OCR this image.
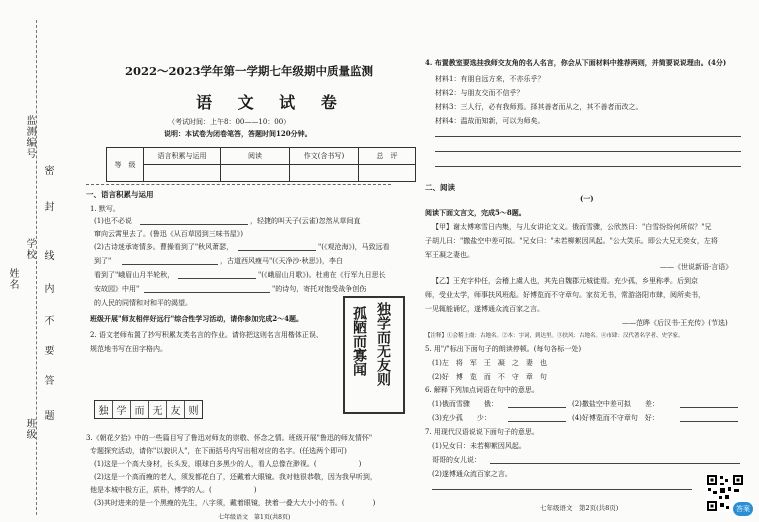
监测编号
学校
班级
姓名
密
封
线
内
不
要
答
题
2022～2023学年第一学期七年级期中质量监测
语 文 试 卷
（考试时间：上午8：00——10：00）
说明：本试卷为闭卷笔答，答题时间120分钟。
等　级	语言积累与运用	阅读	作文(含书写)	总　评

一、语言积累与运用
1. 默写。
(1)也不必说	，轻捷的叫天子(云雀)忽然从草间直
窜向云霄里去了。(鲁迅《从百草园到三味书屋》)
(2)古诗迷承寄情多。曹操看到了"秋风萧瑟，	"(《观沧海》)，马致远看
到了"	，古道西风瘦马"(《天净沙·秋思》)，李白
看到了"峨眉山月半轮秋，	"(《峨眉山月歌》)。杜甫在《行军九日思长
安故园》中用"	"的诗句，寄托对饱受战争创伤
的人民的同情和对和平的渴望。
班级开展"师友相伴好远行"综合性学习活动，请你参加完成2～4题。
2. 语文老师布置了抄写积累友类名言的作业。请你把这则名言用楷体正误、
规范地书写在田字格内。
独学而无友则
孤陋而寡闻
独 学 而 无 友 则
3.《朝花夕拾》中的一些篇目写了鲁迅对师友的崇敬、怀念之情。班级开展"鲁迅的师友情怀"
专题探究活动，请你"以貌识人"，在下面括号内写出相对应的名字。(任选两个即可)
(1)这是一个高大身材，长头发，眼球白多黑少的人，看人总像在渺视。(　　　　　　)
(2)这是一个高而瘦的老人，须发都花白了，还戴着大眼镜。我对他很恭敬，因为我早听到，
他是本城中极方正，质朴，博学的人。(　　　　　　)
(3)其时进来的是一个黑瘦的先生，八字须，戴着眼镜，挟着一叠大大小小的书。(　　　　)
七年级语文　第1页(共8页)
4. 布置教室要选挂我师交友角的名人名言，你会从下面材料中推荐两则，并简要说说理由。(4分)
材料1：有朋自远方来，不亦乐乎？
材料2：与朋友交而不信乎？
材料3：三人行，必有我师焉。择其善者而从之，其不善者而改之。
材料4：温故而知新，可以为师矣。
二、阅读
(一)
阅读下面文言文，完成5～8题。
【甲】谢太傅寒雪日内集，与儿女讲论文义。俄而雪骤，公欣然曰："白雪纷纷何所似？"兄
子胡儿曰："撒盐空中差可拟。"兄女曰："未若柳絮因风起。"公大笑乐。即公大兄无奕女，左将
军王凝之妻也。
——《世说新语·言语》
【乙】王充字仲任，会稽上虞人也，其先自魏郡元城徙焉。充少孤，乡里称孝。后到京
师，受业太学，师事扶风班彪。好博览而不守章句。家贫无书，常游洛阳市肆，阅所卖书，
一见辄能诵忆，遂博通众流百家之言。
——范晔《后汉书·王充传》(节选)
【注释】①会稽上虞：古地名。②本：字词，到达里。③扶风：古地名。④市肆：汉代著名学者、史学家。
5. 用"/"标出下面句子的朗读停顿。(每句各标一处)
(1)左　将　军　王　凝　之　妻　也
(2)好　博　览　而　不　守　章　句
6. 解释下列加点词语在句中的意思。
(1)俄而雪骤　　俄：	(2)撒盐空中差可拟　　差：
(3)充少孤　　少：	(4)好博览而不守章句　好：
7. 用现代汉语说说下面句子的意思。
(1)兄女曰：未若柳絮因风起。
哥哥的女儿说：
(2)遂博通众流百家之言。
七年级语文　第2页(共8页)	答案
